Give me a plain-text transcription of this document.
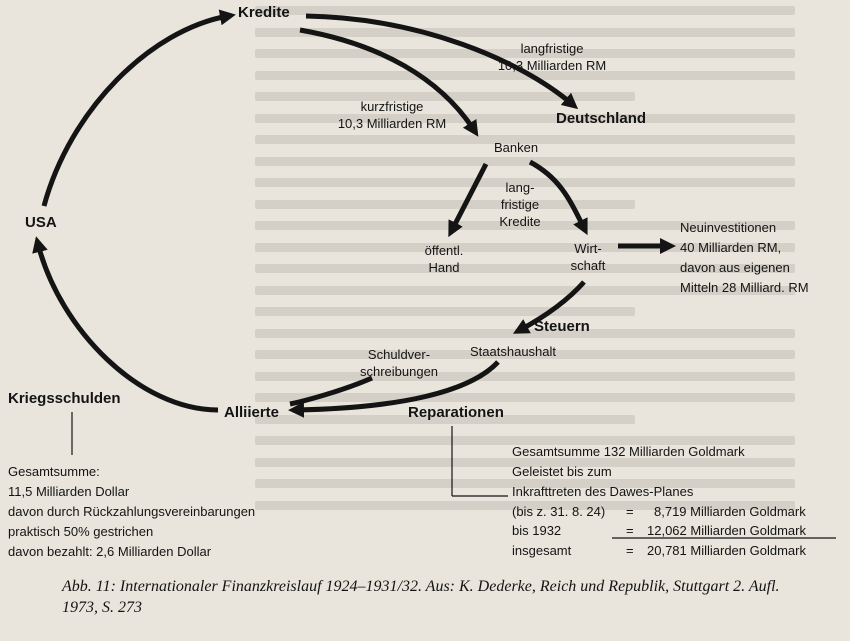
Kredite
USA
Deutschland
Banken
öffentl.
Hand
Wirt-
schaft
Steuern
Staatshaushalt
Alliierte	Reparationen
Kriegsschulden
langfristige
10,3 Milliarden RM
kurzfristige
10,3 Milliarden RM
lang-
fristige
Kredite
Schuldver-
schreibungen
Neuinvestitionen
40 Milliarden RM,
davon aus eigenen
Mitteln 28 Milliard. RM
Gesamtsumme:
11,5 Milliarden Dollar
davon durch Rückzahlungsvereinbarungen
praktisch 50% gestrichen
davon bezahlt: 2,6 Milliarden Dollar
Gesamtsumme 132 Milliarden Goldmark
Geleistet bis zum
Inkrafttreten des Dawes-Planes
(bis z. 31. 8. 24) = 8,719 Milliarden Goldmark
bis 1932	= 12,062 Milliarden Goldmark
insgesamt	= 20,781 Milliarden Goldmark
Abb. 11: Internationaler Finanzkreislauf 1924–1931/32. Aus: K. Dederke, Reich und Republik, Stuttgart 2. Aufl. 1973, S. 273
